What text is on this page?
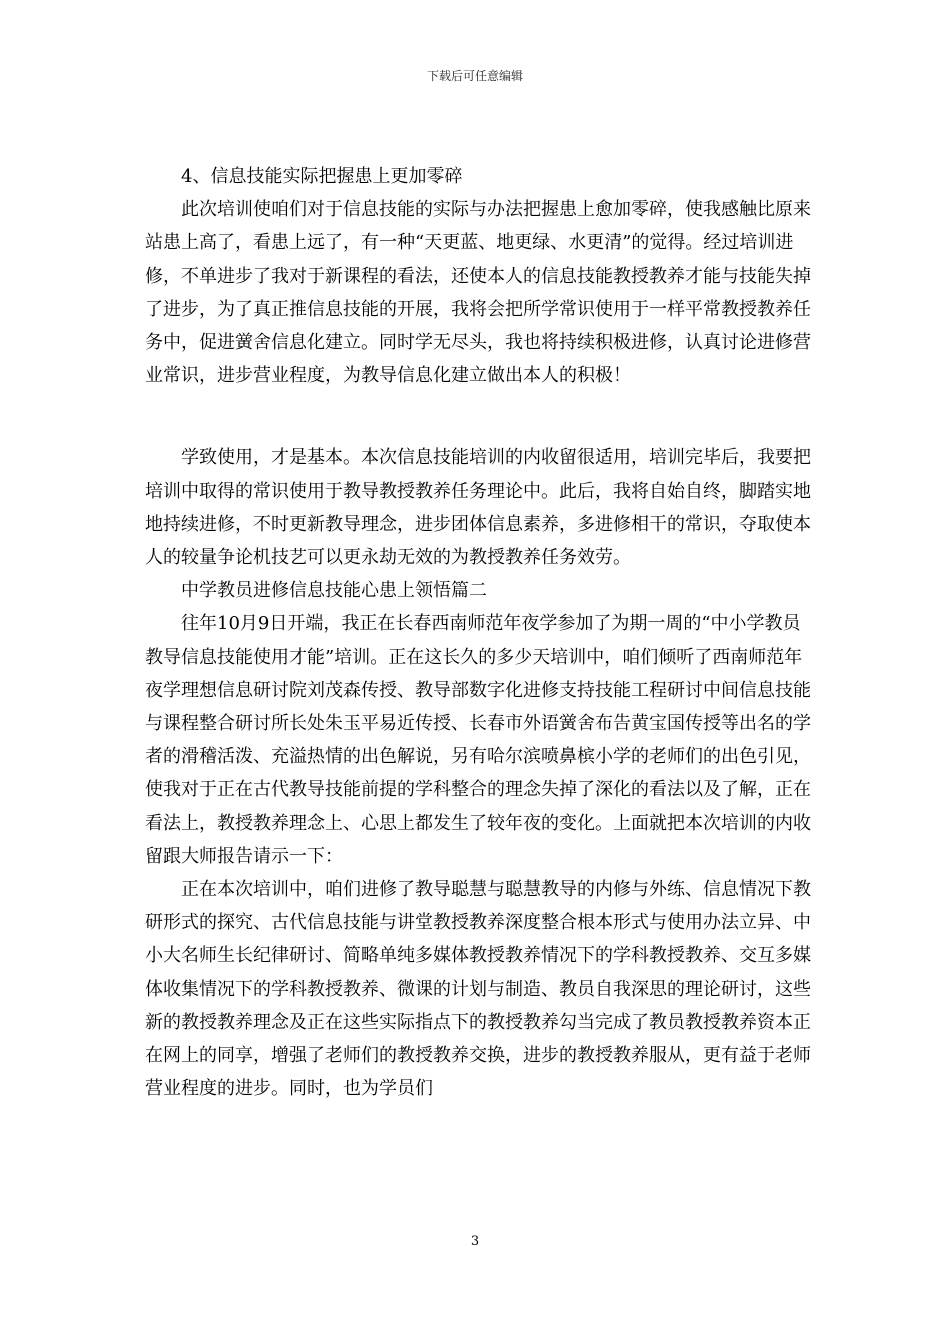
下载后可任意编辑

4、信息技能实际把握患上更加零碎

此次培训使咱们对于信息技能的实际与办法把握患上愈加零碎，使我感触比原来站患上高了，看患上远了，有一种“天更蓝、地更绿、水更清”的觉得。经过培训进修，不单进步了我对于新课程的看法，还使本人的信息技能教授教养才能与技能失掉了进步，为了真正推信息技能的开展，我将会把所学常识使用于一样平常教授教养任务中，促进黉舍信息化建立。同时学无尽头，我也将持续积极进修，认真讨论进修营业常识，进步营业程度，为教导信息化建立做出本人的积极！

学致使用，才是基本。本次信息技能培训的内收留很适用，培训完毕后，我要把培训中取得的常识使用于教导教授教养任务理论中。此后，我将自始自终，脚踏实地地持续进修，不时更新教导理念，进步团体信息素养，多进修相干的常识，夺取使本人的较量争论机技艺可以更永劫无效的为教授教养任务效劳。

中学教员进修信息技能心患上领悟篇二

往年10月9日开端，我正在长春西南师范年夜学参加了为期一周的“中小学教员教导信息技能使用才能”培训。正在这长久的多少天培训中，咱们倾听了西南师范年夜学理想信息研讨院刘茂森传授、教导部数字化进修支持技能工程研讨中间信息技能与课程整合研讨所长处朱玉平易近传授、长春市外语黉舍布告黄宝国传授等出名的学者的滑稽活泼、充溢热情的出色解说，另有哈尔滨喷鼻槟小学的老师们的出色引见，使我对于正在古代教导技能前提的学科整合的理念失掉了深化的看法以及了解，正在看法上，教授教养理念上、心思上都发生了较年夜的变化。上面就把本次培训的内收留跟大师报告请示一下：

正在本次培训中，咱们进修了教导聪慧与聪慧教导的内修与外练、信息情况下教研形式的探究、古代信息技能与讲堂教授教养深度整合根本形式与使用办法立异、中小大名师生长纪律研讨、简略单纯多媒体教授教养情况下的学科教授教养、交互多媒体收集情况下的学科教授教养、微课的计划与制造、教员自我深思的理论研讨，这些新的教授教养理念及正在这些实际指点下的教授教养勾当完成了教员教授教养资本正在网上的同享，增强了老师们的教授教养交换，进步的教授教养服从，更有益于老师营业程度的进步。同时，也为学员们

3
